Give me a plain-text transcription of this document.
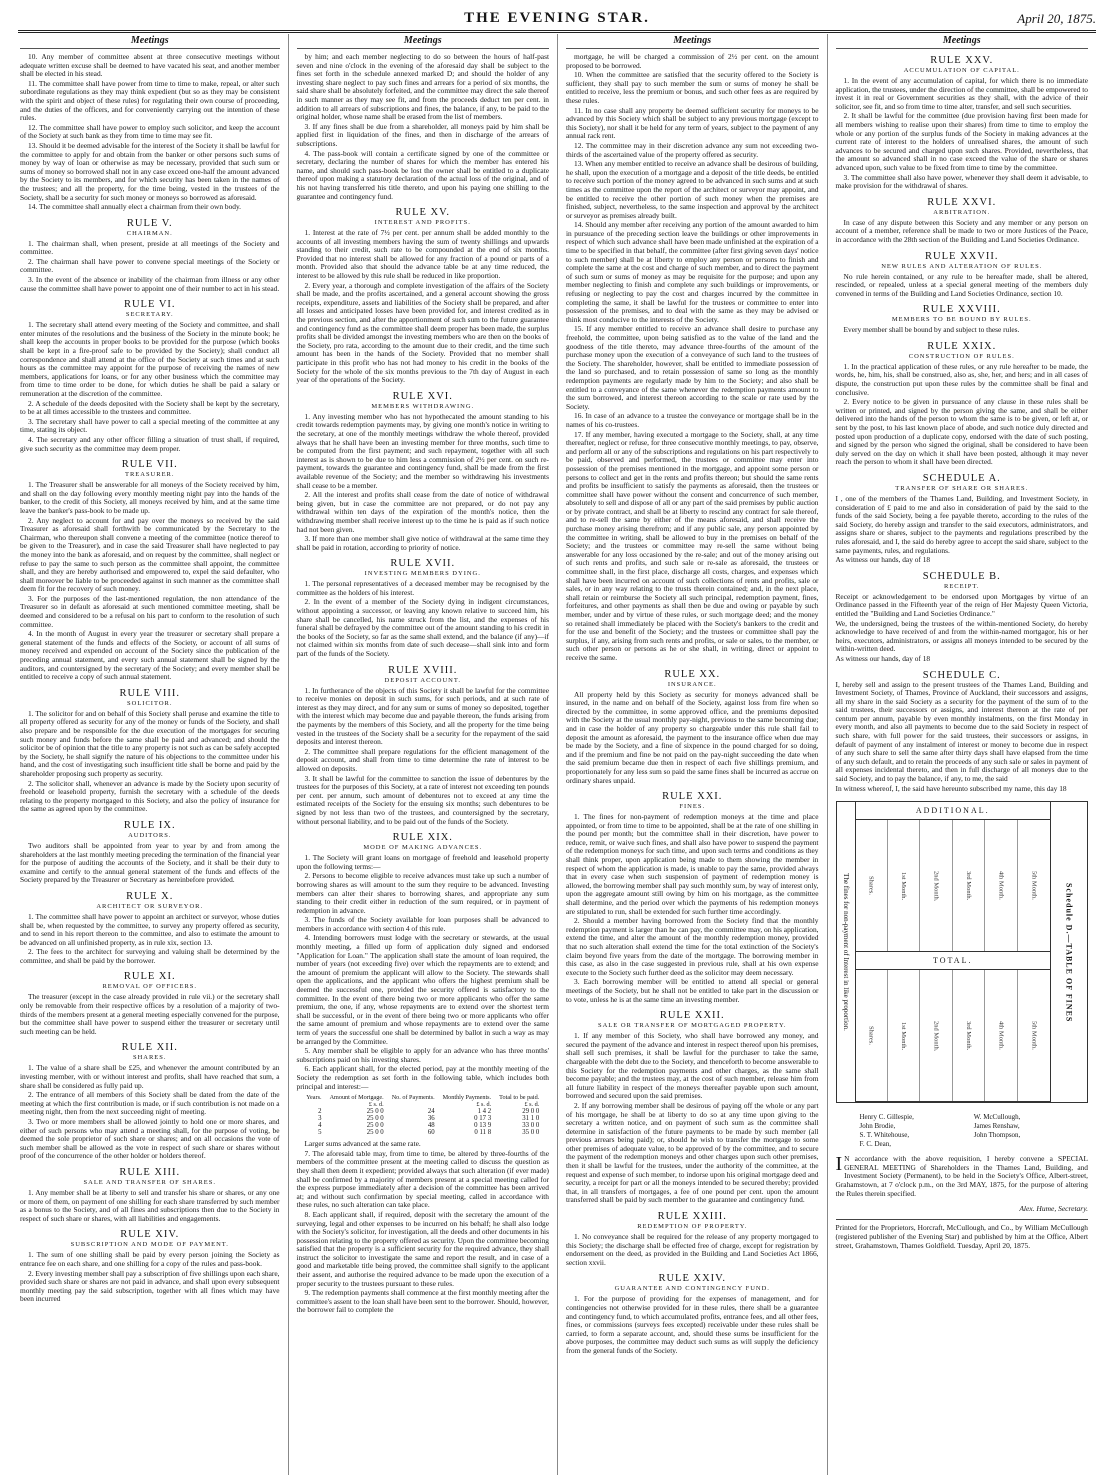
THE EVENING STAR.	April 20, 1875.
Meetings

10. Any member of committee absent at three consecutive meetings without adequate written excuse shall be deemed to have vacated his seat, and another member shall be elected in his stead.

11. The committee shall have power from time to time to make, repeal, or alter such subordinate regulations as they may think expedient (but so as they may be consistent with the spirit and object of these rules) for regulating their own course of proceeding, and the duties of the officers, and for conveniently carrying out the intention of these rules.

12. The committee shall have power to employ such solicitor, and keep the account of the Society at such bank as they from time to time may see fit.

13. Should it be deemed advisable for the interest of the Society it shall be lawful for the committee to apply for and obtain from the banker or other persons such sums of money by way of loan or otherwise as may be necessary, provided that such sum or sums of money so borrowed shall not in any case exceed one-half the amount advanced by the Society to its members, and for which security has been taken in the names of the trustees; and all the property, for the time being, vested in the trustees of the Society, shall be a security for such money or moneys so borrowed as aforesaid.

14. The committee shall annually elect a chairman from their own body.

RULE V.
CHAIRMAN.

1. The chairman shall, when present, preside at all meetings of the Society and committee.

2. The chairman shall have power to convene special meetings of the Society or committee.

3. In the event of the absence or inability of the chairman from illness or any other cause the committee shall have power to appoint one of their number to act in his stead.

RULE VI.
SECRETARY.

1. The secretary shall attend every meeting of the Society and committee, and shall enter minutes of the resolutions and the business of the Society in the minute book; he shall keep the accounts in proper books to be provided for the purpose (which books shall be kept in a fire-proof safe to be provided by the Society); shall conduct all correspondence and shall attend at the office of the Society at such times and at such hours as the committee may appoint for the purpose of receiving the names of new members, applications for loans, or for any other business which the committee may from time to time order to be done, for which duties he shall be paid a salary or remuneration at the discretion of the committee.

2. A schedule of the deeds deposited with the Society shall be kept by the secretary, to be at all times accessible to the trustees and committee.

3. The secretary shall have power to call a special meeting of the committee at any time, stating its object.

4. The secretary and any other officer filling a situation of trust shall, if required, give such security as the committee may deem proper.

RULE VII.
TREASURER.

1. The Treasurer shall be answerable for all moneys of the Society received by him, and shall on the day following every monthly meeting night pay into the hands of the banker, to the credit of this Society, all moneys received by him, and at the same time leave the banker's pass-book to be made up.

2. Any neglect to account for and pay over the moneys so received by the said Treasurer as aforesaid shall forthwith be communicated by the Secretary to the Chairman, who thereupon shall convene a meeting of the committee (notice thereof to be given to the Treasurer), and in case the said Treasurer shall have neglected to pay the money into the bank as aforesaid, and on request by the committee, shall neglect or refuse to pay the same to such person as the committee shall appoint, the committee shall, and they are hereby authorised and empowered to, expel the said defaulter, who shall moreover be liable to be proceeded against in such manner as the committee shall deem fit for the recovery of such money.

3. For the purposes of the last-mentioned regulation, the non attendance of the Treasurer so in default as aforesaid at such mentioned committee meeting, shall be deemed and considered to be a refusal on his part to conform to the resolution of such committee.

4. In the month of August in every year the treasurer or secretary shall prepare a general statement of the funds and effects of the Society, or account of all sums of money received and expended on account of the Society since the publication of the preceding annual statement, and every such annual statement shall be signed by the auditors, and countersigned by the secretary of the Society; and every member shall be entitled to receive a copy of such annual statement.

RULE VIII.
SOLICITOR.

1. The solicitor for and on behalf of this Society shall peruse and examine the title to all property offered as security for any of the money or funds of the Society, and shall also prepare and be responsible for the due execution of the mortgages for securing such money and funds before the same shall be paid and advanced; and should the solicitor be of opinion that the title to any property is not such as can be safely accepted by the Society, he shall signify the nature of his objections to the committee under his hand, and the cost of investigating such insufficient title shall be borne and paid by the shareholder proposing such property as security.

2. The solicitor shall, whenever an advance is made by the Society upon security of freehold or leasehold property, furnish the secretary with a schedule of the deeds relating to the property mortgaged to this Society, and also the policy of insurance for the same as agreed upon by the committee.

RULE IX.
AUDITORS.

Two auditors shall be appointed from year to year by and from among the shareholders at the last monthly meeting preceding the termination of the financial year for the purpose of auditing the accounts of the Society, and it shall be their duty to examine and certify to the annual general statement of the funds and effects of the Society prepared by the Treasurer or Secretary as hereinbefore provided.

RULE X.
ARCHITECT OR SURVEYOR.

1. The committee shall have power to appoint an architect or surveyor, whose duties shall be, when requested by the committee, to survey any property offered as security, and to send in his report thereon to the committee, and also to estimate the amount to be advanced on all unfinished property, as in rule xix, section 13.

2. The fees to the architect for surveying and valuing shall be determined by the committee, and shall be paid by the borrower.

RULE XI.
REMOVAL OF OFFICERS.

The treasurer (except in the case already provided in rule vii.) or the secretary shall only be removable from their respective offices by a resolution of a majority of two-thirds of the members present at a general meeting especially convened for the purpose, but the committee shall have power to suspend either the treasurer or secretary until such meeting can be held.

RULE XII.
SHARES.

1. The value of a share shall be £25, and whenever the amount contributed by an investing member, with or without interest and profits, shall have reached that sum, a share shall be considered as fully paid up.

2. The entrance of all members of this Society shall be dated from the date of the meeting at which the first contribution is made, or if such contribution is not made on a meeting night, then from the next succeeding night of meeting.

3. Two or more members shall be allowed jointly to hold one or more shares, and either of such persons who may attend a meeting shall, for the purpose of voting, be deemed the sole proprietor of such share or shares; and on all occasions the vote of such member shall be allowed as the vote in respect of such share or shares without proof of the concurrence of the other holder or holders thereof.

RULE XIII.
SALE AND TRANSFER OF SHARES.

1. Any member shall be at liberty to sell and transfer his share or shares, or any one or more of them, on payment of one shilling for each share transferred by such member as a bonus to the Society, and of all fines and subscriptions then due to the Society in respect of such share or shares, with all liabilities and engagements.

RULE XIV.
SUBSCRIPTION AND MODE OF PAYMENT.

1. The sum of one shilling shall be paid by every person joining the Society as entrance fee on each share, and one shilling for a copy of the rules and pass-book.

2. Every investing member shall pay a subscription of five shillings upon each share, provided such share or shares are not paid in advance, and shall upon every subsequent monthly meeting pay the said subscription, together with all fines which may have been incurred

Meetings

by him; and each member neglecting to do so between the hours of half-past seven and nine o'clock in the evening of the aforesaid day shall be subject to the fines set forth in the schedule annexed marked D; and should the holder of any investing share neglect to pay such fines and arrears for a period of six months, the said share shall be absolutely forfeited, and the committee may direct the sale thereof in such manner as they may see fit, and from the proceeds deduct ten per cent. in addition to all arrears of subscriptions and fines, the balance, if any, to be paid to the original holder, whose name shall be erased from the list of members.

3. If any fines shall be due from a shareholder, all moneys paid by him shall be applied first in liquidation of the fines, and then in discharge of the arrears of subscriptions.

4. The pass-book will contain a certificate signed by one of the committee or secretary, declaring the number of shares for which the member has entered his name, and should such pass-book be lost the owner shall be entitled to a duplicate thereof upon making a statutory declaration of the actual loss of the original, and of his not having transferred his title thereto, and upon his paying one shilling to the guarantee and contingency fund.

RULE XV.
INTEREST AND PROFITS.

1. Interest at the rate of 7½ per cent. per annum shall be added monthly to the accounts of all investing members having the sum of twenty shillings and upwards standing to their credit, such rate to be compounded at the end of six months. Provided that no interest shall be allowed for any fraction of a pound or parts of a month. Provided also that should the advance table be at any time reduced, the interest to be allowed by this rule shall be reduced in like proportion.

2. Every year, a thorough and complete investigation of the affairs of the Society shall be made, and the profits ascertained, and a general account showing the gross receipts, expenditure, assets and liabilities of the Society shall be prepared, and after all losses and anticipated losses have been provided for, and interest credited as in the previous section, and after the apportionment of such sum to the future guarantee and contingency fund as the committee shall deem proper has been made, the surplus profits shall be divided amongst the investing members who are then on the books of the Society, pro rata, according to the amount due to their credit, and the time such amount has been in the hands of the Society. Provided that no member shall participate in this profit who has not had money to his credit in the books of the Society for the whole of the six months previous to the 7th day of August in each year of the operations of the Society.

RULE XVI.
MEMBERS WITHDRAWING.

1. Any investing member who has not hypothecated the amount standing to his credit towards redemption payments may, by giving one month's notice in writing to the secretary, at one of the monthly meetings withdraw the whole thereof, provided always that he shall have been an investing member for three months, such time to be computed from the first payment; and such repayment, together with all such interest as is shown to be due to him less a commission of 2½ per cent. on such re-payment, towards the guarantee and contingency fund, shall be made from the first available revenue of the Society; and the member so withdrawing his investments shall cease to be a member.

2. All the interest and profits shall cease from the date of notice of withdrawal being given, but in case the committee are not prepared, or do not pay any withdrawal within ten days of the expiration of the month's notice, then the withdrawing member shall receive interest up to the time he is paid as if such notice had not been given.

3. If more than one member shall give notice of withdrawal at the same time they shall be paid in rotation, according to priority of notice.

RULE XVII.
INVESTING MEMBERS DYING.

1. The personal representatives of a deceased member may be recognised by the committee as the holders of his interest.

2. In the event of a member of the Society dying in indigent circumstances, without appointing a successor, or leaving any known relative to succeed him, his share shall be cancelled, his name struck from the list, and the expenses of his funeral shall be defrayed by the committee out of the amount standing to his credit in the books of the Society, so far as the same shall extend, and the balance (if any)—if not claimed within six months from date of such decease—shall sink into and form part of the funds of the Society.

RULE XVIII.
DEPOSIT ACCOUNT.

1. In furtherance of the objects of this Society it shall be lawful for the committee to receive monies on deposit in such sums, for such periods, and at such rate of interest as they may direct, and for any sum or sums of money so deposited, together with the interest which may become due and payable thereon, the funds arising from the payments by the members of this Society, and all the property for the time being vested in the trustees of the Society shall be a security for the repayment of the said deposits and interest thereon.

2. The committee shall prepare regulations for the efficient management of the deposit account, and shall from time to time determine the rate of interest to be allowed on deposits.

3. It shall be lawful for the committee to sanction the issue of debentures by the trustees for the purposes of this Society, at a rate of interest not exceeding ten pounds per cent. per annum, such amount of debentures not to exceed at any time the estimated receipts of the Society for the ensuing six months; such debentures to be signed by not less than two of the trustees, and countersigned by the secretary, without personal liability, and to be paid out of the funds of the Society.

RULE XIX.
MODE OF MAKING ADVANCES.

1. The Society will grant loans on mortgage of freehold and leasehold property upon the following terms:—

2. Persons to become eligible to receive advances must take up such a number of borrowing shares as will amount to the sum they require to be advanced. Investing members can alter their shares to borrowing shares, and appropriate any sum standing to their credit either in reduction of the sum required, or in payment of redemption in advance.

3. The funds of the Society available for loan purposes shall be advanced to members in accordance with section 4 of this rule.

4. Intending borrowers must lodge with the secretary or stewards, at the usual monthly meeting, a filled up form of application duly signed and endorsed "Application for Loan." The application shall state the amount of loan required, the number of years (not exceeding five) over which the repayments are to extend; and the amount of premium the applicant will allow to the Society. The stewards shall open the applications, and the applicant who offers the highest premium shall be deemed the successful one, provided the security offered is satisfactory to the committee. In the event of there being two or more applicants who offer the same premium, the one, if any, whose repayments are to extend over the shortest term shall be successful, or in the event of there being two or more applicants who offer the same amount of premium and whose repayments are to extend over the same term of years the successful one shall be determined by ballot in such a way as may be arranged by the Committee.

5. Any member shall be eligible to apply for an advance who has three months' subscriptions paid on his investing shares.

6. Each applicant shall, for the elected period, pay at the monthly meeting of the Society the redemption as set forth in the following table, which includes both principal and interest:—

Years.	Amount of Mortgage.	No. of Payments.	Monthly Payments.	Total to be paid.
	£ s. d.		£ s. d.	£ s. d.
2	25 0 0	24	1 4 2	29 0 0
3	25 0 0	36	0 17 3	31 1 0
4	25 0 0	48	0 13 9	33 0 0
5	25 0 0	60	0 11 8	35 0 0

Larger sums advanced at the same rate.

7. The aforesaid table may, from time to time, be altered by three-fourths of the members of the committee present at the meeting called to discuss the question as they shall then deem it expedient; provided always that such alteration (if ever made) shall be confirmed by a majority of members present at a special meeting called for the express purpose immediately after a decision of the committee has been arrived at; and without such confirmation by special meeting, called in accordance with these rules, no such alteration can take place.

8. Each applicant shall, if required, deposit with the secretary the amount of the surveying, legal and other expenses to be incurred on his behalf; he shall also lodge with the Society's solicitor, for investigation, all the deeds and other documents in his possession relating to the property offered as security. Upon the committee becoming satisfied that the property is a sufficient security for the required advance, they shall instruct the solicitor to investigate the same and report the result, and in case of a good and marketable title being proved, the committee shall signify to the applicant their assent, and authorise the required advance to be made upon the execution of a proper security to the trustees pursuant to these rules.

9. The redemption payments shall commence at the first monthly meeting after the committee's assent to the loan shall have been sent to the borrower. Should, however, the borrower fail to complete the

Meetings

mortgage, he will be charged a commission of 2½ per cent. on the amount proposed to be borrowed.

10. When the committee are satisfied that the security offered to the Society is sufficient, they shall pay to such member the sum or sums of money he shall be entitled to receive, less the premium or bonus, and such other fees as are required by these rules.

11. In no case shall any property be deemed sufficient security for moneys to be advanced by this Society which shall be subject to any previous mortgage (except to this Society), nor shall it be held for any term of years, subject to the payment of any annual rack rent.

12. The committee may in their discretion advance any sum not exceeding two-thirds of the ascertained value of the property offered as security.

13. When any member entitled to receive an advance shall be desirous of building, he shall, upon the execution of a mortgage and a deposit of the title deeds, be entitled to receive such portion of the money agreed to be advanced in such sums and at such times as the committee upon the report of the architect or surveyor may appoint, and be entitled to receive the other portion of such money when the premises are finished, subject, nevertheless, to the same inspection and approval by the architect or surveyor as premises already built.

14. Should any member after receiving any portion of the amount awarded to him in pursuance of the preceding section leave the buildings or other improvements in respect of which such advance shall have been made unfinished at the expiration of a time to be specified in that behalf, the committee (after first giving seven days' notice to such member) shall be at liberty to employ any person or persons to finish and complete the same at the cost and charge of such member, and to direct the payment of such sum or sums of money as may be requisite for the purpose; and upon any member neglecting to finish and complete any such buildings or improvements, or refusing or neglecting to pay the cost and charges incurred by the committee in completing the same, it shall be lawful for the trustees or committee to enter into possession of the premises, and to deal with the same as they may be advised or think most conducive to the interests of the Society.

15. If any member entitled to receive an advance shall desire to purchase any freehold, the committee, upon being satisfied as to the value of the land and the goodness of the title thereto, may advance three-fourths of the amount of the purchase money upon the execution of a conveyance of such land to the trustees of the Society. The shareholder, however, shall be entitled to immediate possession of the land so purchased, and to retain possession of same so long as the monthly redemption payments are regularly made by him to the Society; and also shall be entitled to a conveyance of the same whenever the redemption payments amount to the sum borrowed, and interest thereon according to the scale or rate used by the Society.

16. In case of an advance to a trustee the conveyance or mortgage shall be in the names of his co-trustees.

17. If any member, having executed a mortgage to the Society, shall, at any time thereafter, neglect or refuse, for three consecutive monthly meetings, to pay, observe, and perform all or any of the subscriptions and regulations on his part respectively to be paid, observed and performed, the trustees or committee may enter into possession of the premises mentioned in the mortgage, and appoint some person or persons to collect and get in the rents and profits thereon; but should the same rents and profits be insufficient to satisfy the payments as aforesaid, then the trustees or committee shall have power without the consent and concurrence of such member, absolutely to sell and dispose of all or any part of the said premises by public auction or by private contract, and shall be at liberty to rescind any contract for sale thereof, and to re-sell the same by either of the means aforesaid, and shall receive the purchase money arising therefrom; and if any public sale, any person appointed by the committee in writing, shall be allowed to buy in the premises on behalf of the Society; and the trustees or committee may re-sell the same without being answerable for any loss occasioned by the re-sale; and out of the money arising out of such rents and profits, and such sale or re-sale as aforesaid, the trustees or committee shall, in the first place, discharge all costs, charges, and expenses which shall have been incurred on account of such collections of rents and profits, sale or sales, or in any way relating to the trusts therein contained; and, in the next place, shall retain or reimburse the Society all such principal, redemption payment, fines, forfeitures, and other payments as shall then be due and owing or payable by such member, under and by virtue of these rules, or such mortgage deed; and the money so retained shall immediately be placed with the Society's bankers to the credit and for the use and benefit of the Society; and the trustees or committee shall pay the surplus, if any, arising from such rents and profits, or sale or sales, to the member, or such other person or persons as he or she shall, in writing, direct or appoint to receive the same.

RULE XX.
INSURANCE.

All property held by this Society as security for moneys advanced shall be insured, in the name and on behalf of the Society, against loss from fire when so directed by the committee, in some approved office, and the premiums deposited with the Society at the usual monthly pay-night, previous to the same becoming due; and in case the holder of any property so chargeable under this rule shall fail to deposit the amount as aforesaid, the payment to the insurance office when due may be made by the Society, and a fine of sixpence in the pound charged for so doing, and if the premium and fine be not paid on the pay-night succeeding the date when the said premium became due then in respect of each five shillings premium, and proportionately for any less sum so paid the same fines shall be incurred as accrue on ordinary shares unpaid.

RULE XXI.
FINES.

1. The fines for non-payment of redemption moneys at the time and place appointed, or from time to time to be appointed, shall be at the rate of one shilling in the pound per month; but the committee shall in their discretion, have power to reduce, remit, or waive such fines, and shall also have power to suspend the payment of the redemption moneys for such time, and upon such terms and conditions as they shall think proper, upon application being made to them showing the member in respect of whom the application is made, is unable to pay the same, provided always that in every case when such suspension of payment of redemption money is allowed, the borrowing member shall pay such monthly sum, by way of interest only, upon the aggregate amount still owing by him on his mortgage, as the committee shall determine, and the period over which the payments of his redemption moneys are stipulated to run, shall be extended for such further time accordingly.

2. Should a member having borrowed from the Society find that the monthly redemption payment is larger than he can pay, the committee may, on his application, extend the time, and alter the amount of the monthly redemption money, provided that no such alteration shall extend the time for the total extinction of the Society's claim beyond five years from the date of the mortgage. The borrowing member in this case, as also in the case suggested in previous rule, shall at his own expense execute to the Society such further deed as the solicitor may deem necessary.

3. Each borrowing member will be entitled to attend all special or general meetings of the Society, but he shall not be entitled to take part in the discussion or to vote, unless he is at the same time an investing member.

RULE XXII.
SALE OR TRANSFER OF MORTGAGED PROPERTY.

1. If any member of this Society, who shall have borrowed any money, and secured the payment of the advance and interest in respect thereof upon his premises, shall sell such premises, it shall be lawful for the purchaser to take the same, chargeable with the debt due to the Society, and thenceforth to become answerable to this Society for the redemption payments and other charges, as the same shall become payable; and the trustees may, at the cost of such member, release him from all future liability in respect of the moneys thereafter payable upon such amount, borrowed and secured upon the said premises.

2. If any borrowing member shall be desirous of paying off the whole or any part of his mortgage, he shall be at liberty to do so at any time upon giving to the secretary a written notice, and on payment of such sum as the committee shall determine in satisfaction of the future payments to be made by such member (all previous arrears being paid); or, should he wish to transfer the mortgage to some other premises of adequate value, to be approved of by the committee, and to secure the payment of the redemption moneys and other charges upon such other premises, then it shall be lawful for the trustees, under the authority of the committee, at the request and expense of such member, to indorse upon his original mortgage deed and security, a receipt for part or all the moneys intended to be secured thereby; provided that, in all transfers of mortgages, a fee of one pound per cent. upon the amount transferred shall be paid by such member to the guarantee and contingency fund.

RULE XXIII.
REDEMPTION OF PROPERTY.

1. No conveyance shall be required for the release of any property mortgaged to this Society; the discharge shall be effected free of charge, except for registration by endorsement on the deed, as provided in the Building and Land Societies Act 1866, section xxvii.

RULE XXIV.
GUARANTEE AND CONTINGENCY FUND.

1. For the purpose of providing for the expenses of management, and for contingencies not otherwise provided for in these rules, there shall be a guarantee and contingency fund, to which accumulated profits, entrance fees, and all other fees, fines, or commissions (surveys fees excepted) receivable under these rules shall be carried, to form a separate account, and, should these sums be insufficient for the above purposes, the committee may deduct such sums as will supply the deficiency from the general funds of the Society.

Meetings
RULE XXV.
ACCUMULATION OF CAPITAL.

1. In the event of any accumulation of capital, for which there is no immediate application, the trustees, under the direction of the committee, shall be empowered to invest it in real or Government securities as they shall, with the advice of their solicitor, see fit, and so from time to time alter, transfer, and sell such securities.

2. It shall be lawful for the committee (due provision having first been made for all members wishing to realise upon their shares) from time to time to employ the whole or any portion of the surplus funds of the Society in making advances at the current rate of interest to the holders of unrealised shares, the amount of such advances to be secured and charged upon such shares. Provided, nevertheless, that the amount so advanced shall in no case exceed the value of the share or shares advanced upon, such value to be fixed from time to time by the committee.

3. The committee shall also have power, whenever they shall deem it advisable, to make provision for the withdrawal of shares.

RULE XXVI.
ARBITRATION.

In case of any dispute between this Society and any member or any person on account of a member, reference shall be made to two or more Justices of the Peace, in accordance with the 28th section of the Building and Land Societies Ordinance.

RULE XXVII.
NEW RULES AND ALTERATION OF RULES.

No rule herein contained, or any rule to be hereafter made, shall be altered, rescinded, or repealed, unless at a special general meeting of the members duly convened in terms of the Building and Land Societies Ordinance, section 10.

RULE XXVIII.
MEMBERS TO BE BOUND BY RULES.

Every member shall be bound by and subject to these rules.

RULE XXIX.
CONSTRUCTION OF RULES.

1. In the practical application of these rules, or any rule hereafter to be made, the words, he, him, his, shall be construed, also as, she, her, and hers; and in all cases of dispute, the construction put upon these rules by the committee shall be final and conclusive.

2. Every notice to be given in pursuance of any clause in these rules shall be written or printed, and signed by the person giving the same, and shall be either delivered into the hands of the person to whom the same is to be given, or left at, or sent by the post, to his last known place of abode, and such notice duly directed and posted upon production of a duplicate copy, endorsed with the date of such posting, and signed by the person who signed the original, shall be considered to have been duly served on the day on which it shall have been posted, although it may never reach the person to whom it shall have been directed.

SCHEDULE A.
TRANSFER OF SHARE OR SHARES.

I , one of the members of the Thames Land, Building, and Investment Society, in consideration of £ paid to me and also in consideration of paid by the said to the funds of the said Society, being a fee payable thereto, according to the rules of the said Society, do hereby assign and transfer to the said executors, administrators, and assigns share or shares, subject to the payments and regulations prescribed by the rules aforesaid, and I, the said do hereby agree to accept the said share, subject to the same payments, rules, and regulations.

As witness our hands, day of 18

SCHEDULE B.
RECEIPT.

Receipt or acknowledgement to be endorsed upon Mortgages by virtue of an Ordinance passed in the Fifteenth year of the reign of Her Majesty Queen Victoria, entitled the "Building and Land Societies Ordinance."

We, the undersigned, being the trustees of the within-mentioned Society, do hereby acknowledge to have received of and from the within-named mortgagor, his or her heirs, executors, administrators, or assigns all moneys intended to be secured by the within-written deed.

As witness our hands, day of 18

SCHEDULE C.

I, hereby sell and assign to the present trustees of the Thames Land, Building and Investment Society, of Thames, Province of Auckland, their successors and assigns, all my share in the said Society as a security for the payment of the sum of to the said trustees, their successors or assigns, and interest thereon at the rate of per centum per annum, payable by even monthly instalments, on the first Monday in every month, and also all payments to become due to the said Society in respect of such share, with full power for the said trustees, their successors or assigns, in default of payment of any instalment of interest or money to become due in respect of any such share to sell the same after thirty days shall have elapsed from the time of any such default, and to retain the proceeds of any such sale or sales in payment of all expenses incidental thereto, and then in full discharge of all moneys due to the said Society, and to pay the balance, if any, to me, the said

In witness whereof, I, the said have hereunto subscribed my name, this day 18

The fines for non-payment of Interest in like proportion.
ADDITIONAL.
Shares.	1st Month.	2nd Month.	3rd Month.	4th Month.	5th Month.
TOTAL.
Shares.	1st Month.	2nd Month.	3rd Month.	4th Month.	5th Month.
Schedule D.—TABLE OF FINES
Henry C. Gillespie,	W. McCullough,
John Brodie,	James Renshaw,
S. T. Whitehouse,	John Thompson,
F. C. Dean,
I N accordance with the above requisition, I hereby convene a SPECIAL GENERAL MEETING of Shareholders in the Thames Land, Building, and Investment Society (Permanent), to be held in the Society's Office, Albert-street, Grahamstown, at 7 o'clock p.m., on the 3rd MAY, 1875, for the purpose of altering the Rules therein specified.
Alex. Hume, Secretary.
Printed for the Proprietors, Horcraft, McCullough, and Co., by William McCullough (registered publisher of the Evening Star) and published by him at the Office, Albert street, Grahamstown, Thames Goldfield. Tuesday, April 20, 1875.
